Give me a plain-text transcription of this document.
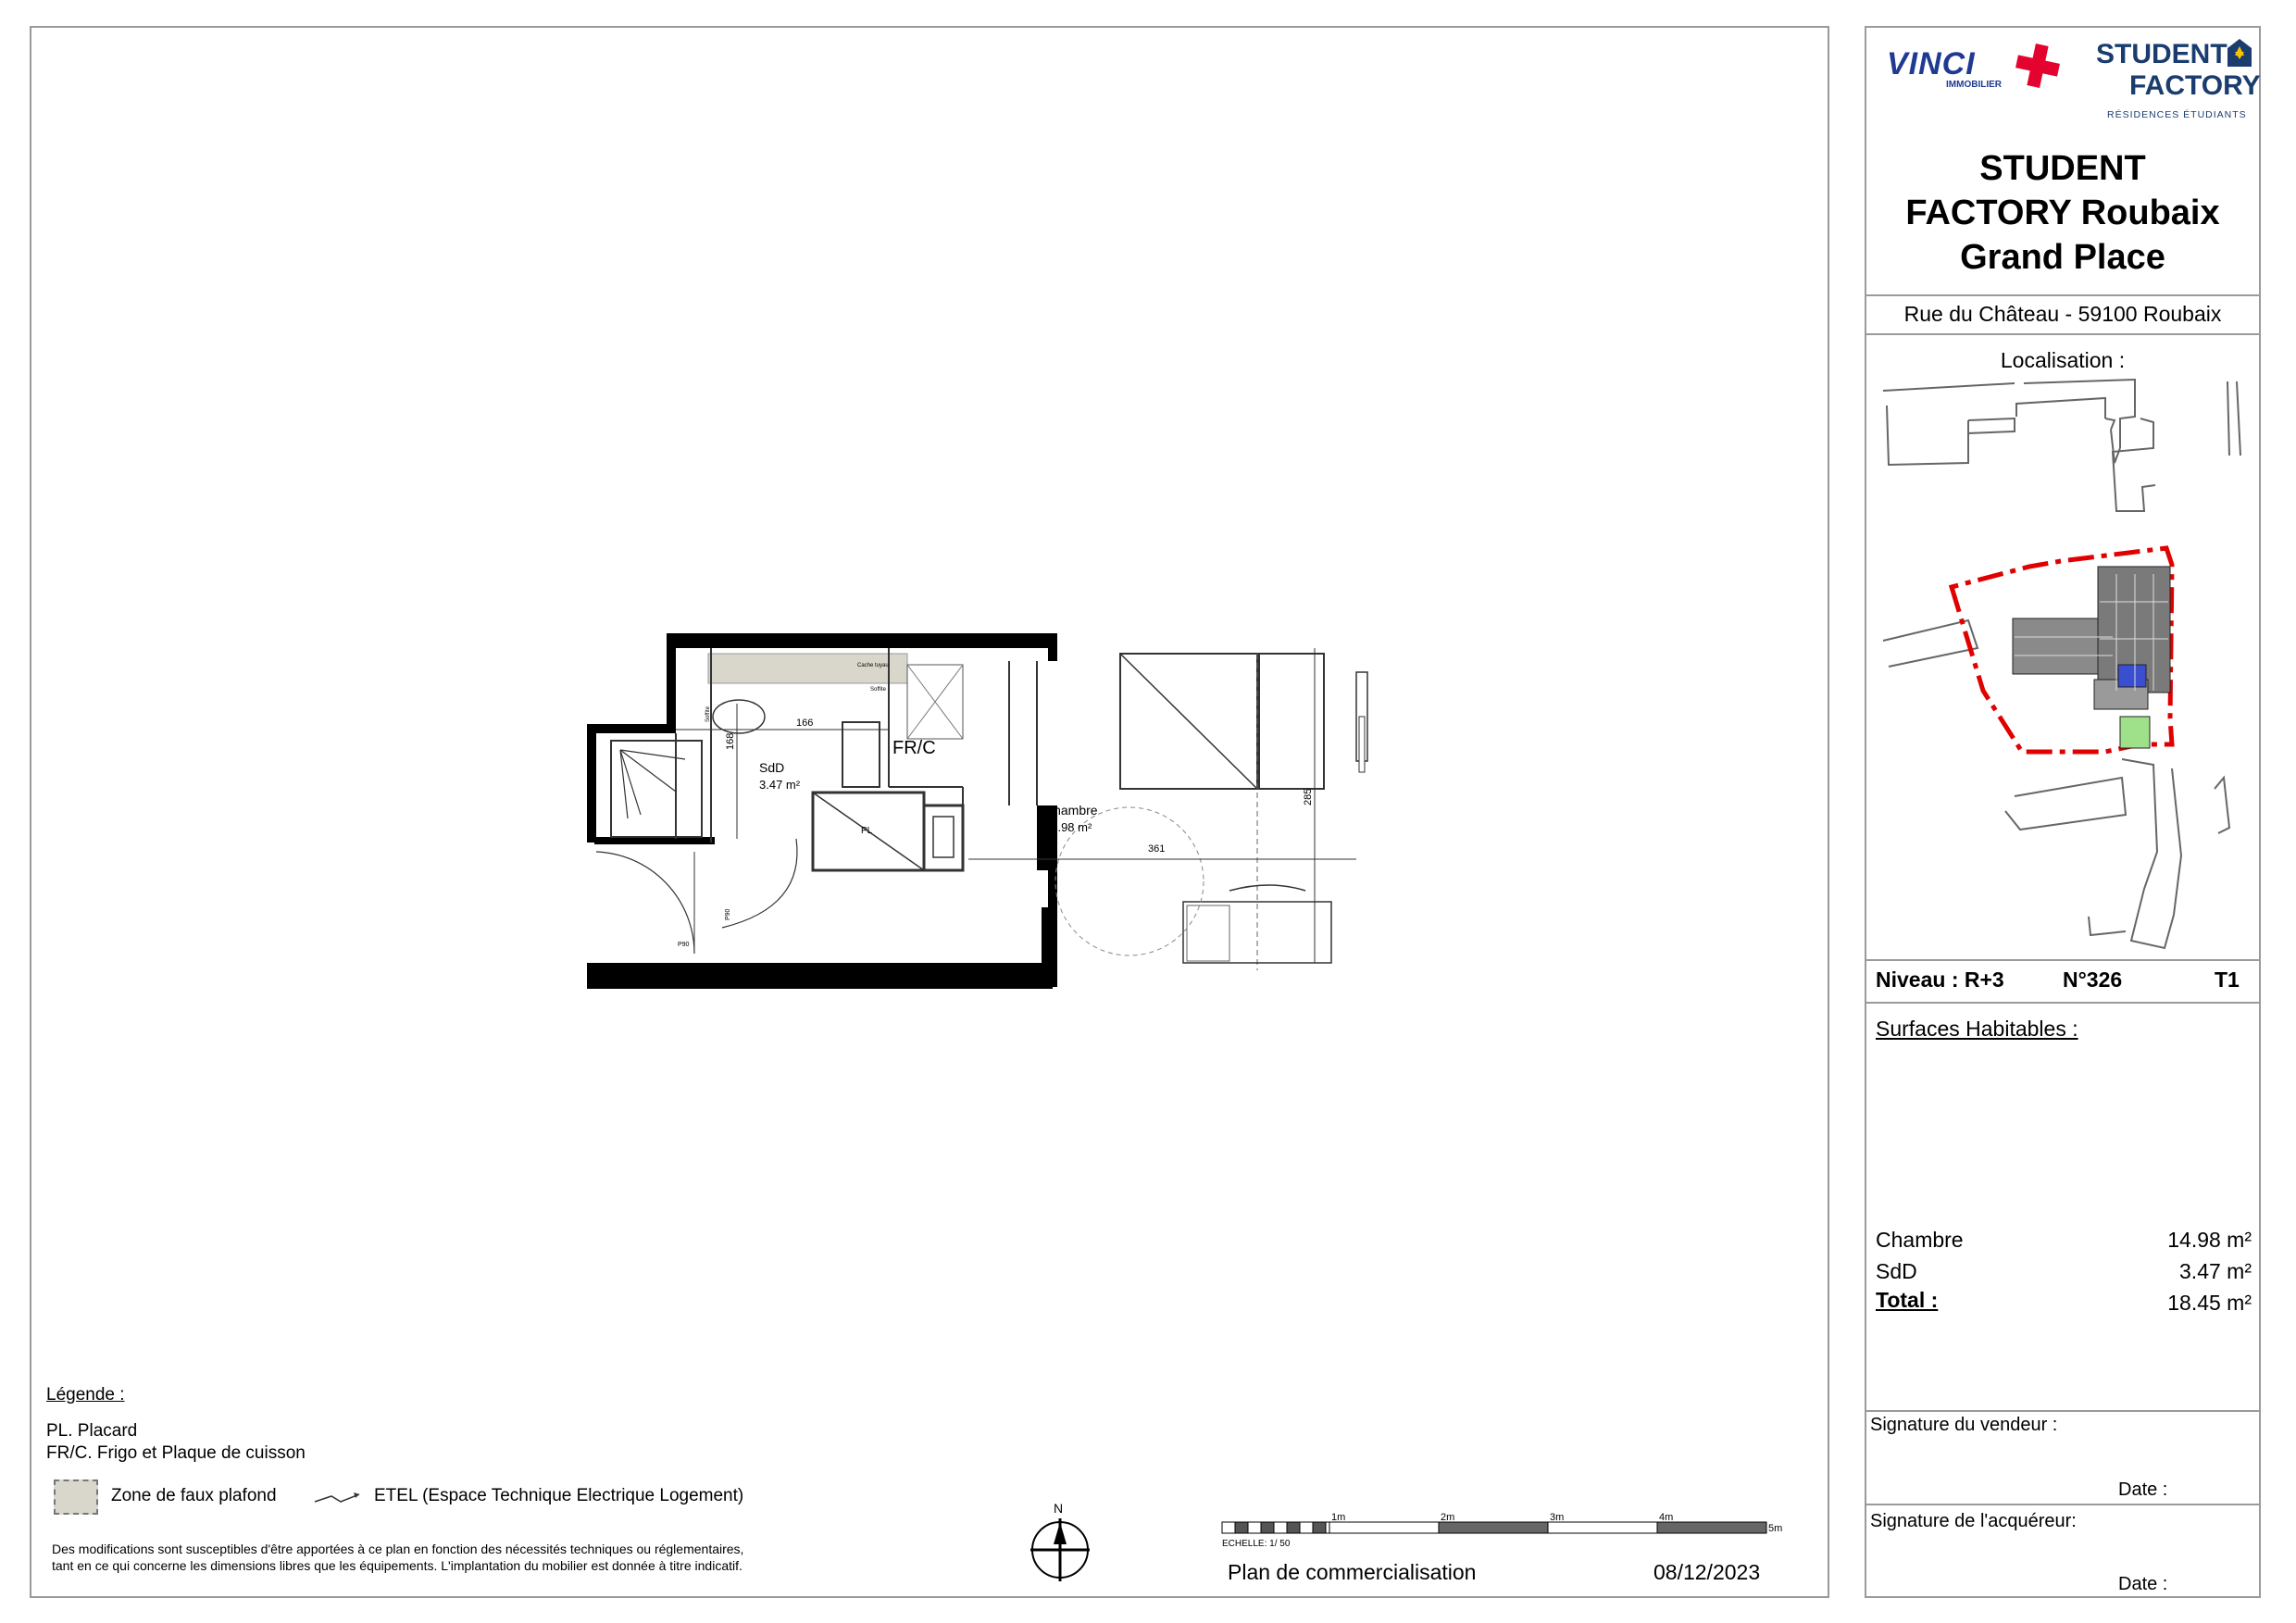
VINCI
IMMOBILIER
STUDENT
FACTORY
RÉSIDENCES ÉTUDIANTS
STUDENT
FACTORY Roubaix
Grand Place
Rue du Château - 59100 Roubaix
Localisation :
Niveau : R+3	N°326	T1
Surfaces Habitables :
Chambre	14.98 m²
SdD	3.47 m²
Total :	18.45 m²
Signature du vendeur :
Date :
Signature de l'acquéreur:
Date :
PL
166
168
361
285
SdD
3.47 m²
Chambre
14.98 m²
FR/C
P90
P90
Cache tuyau
Soffite
Soffite
Légende :
PL. Placard
FR/C. Frigo et Plaque de cuisson
Zone de faux plafond	ETEL (Espace Technique Electrique Logement)
Des modifications sont susceptibles d'être apportées à ce plan en fonction des nécessités techniques ou réglementaires,
tant en ce qui concerne les dimensions libres que les équipements. L'implantation du mobilier est donnée à titre indicatif.
N
1m	2m	3m	4m
5m
ECHELLE: 1/ 50
Plan de commercialisation	08/12/2023
